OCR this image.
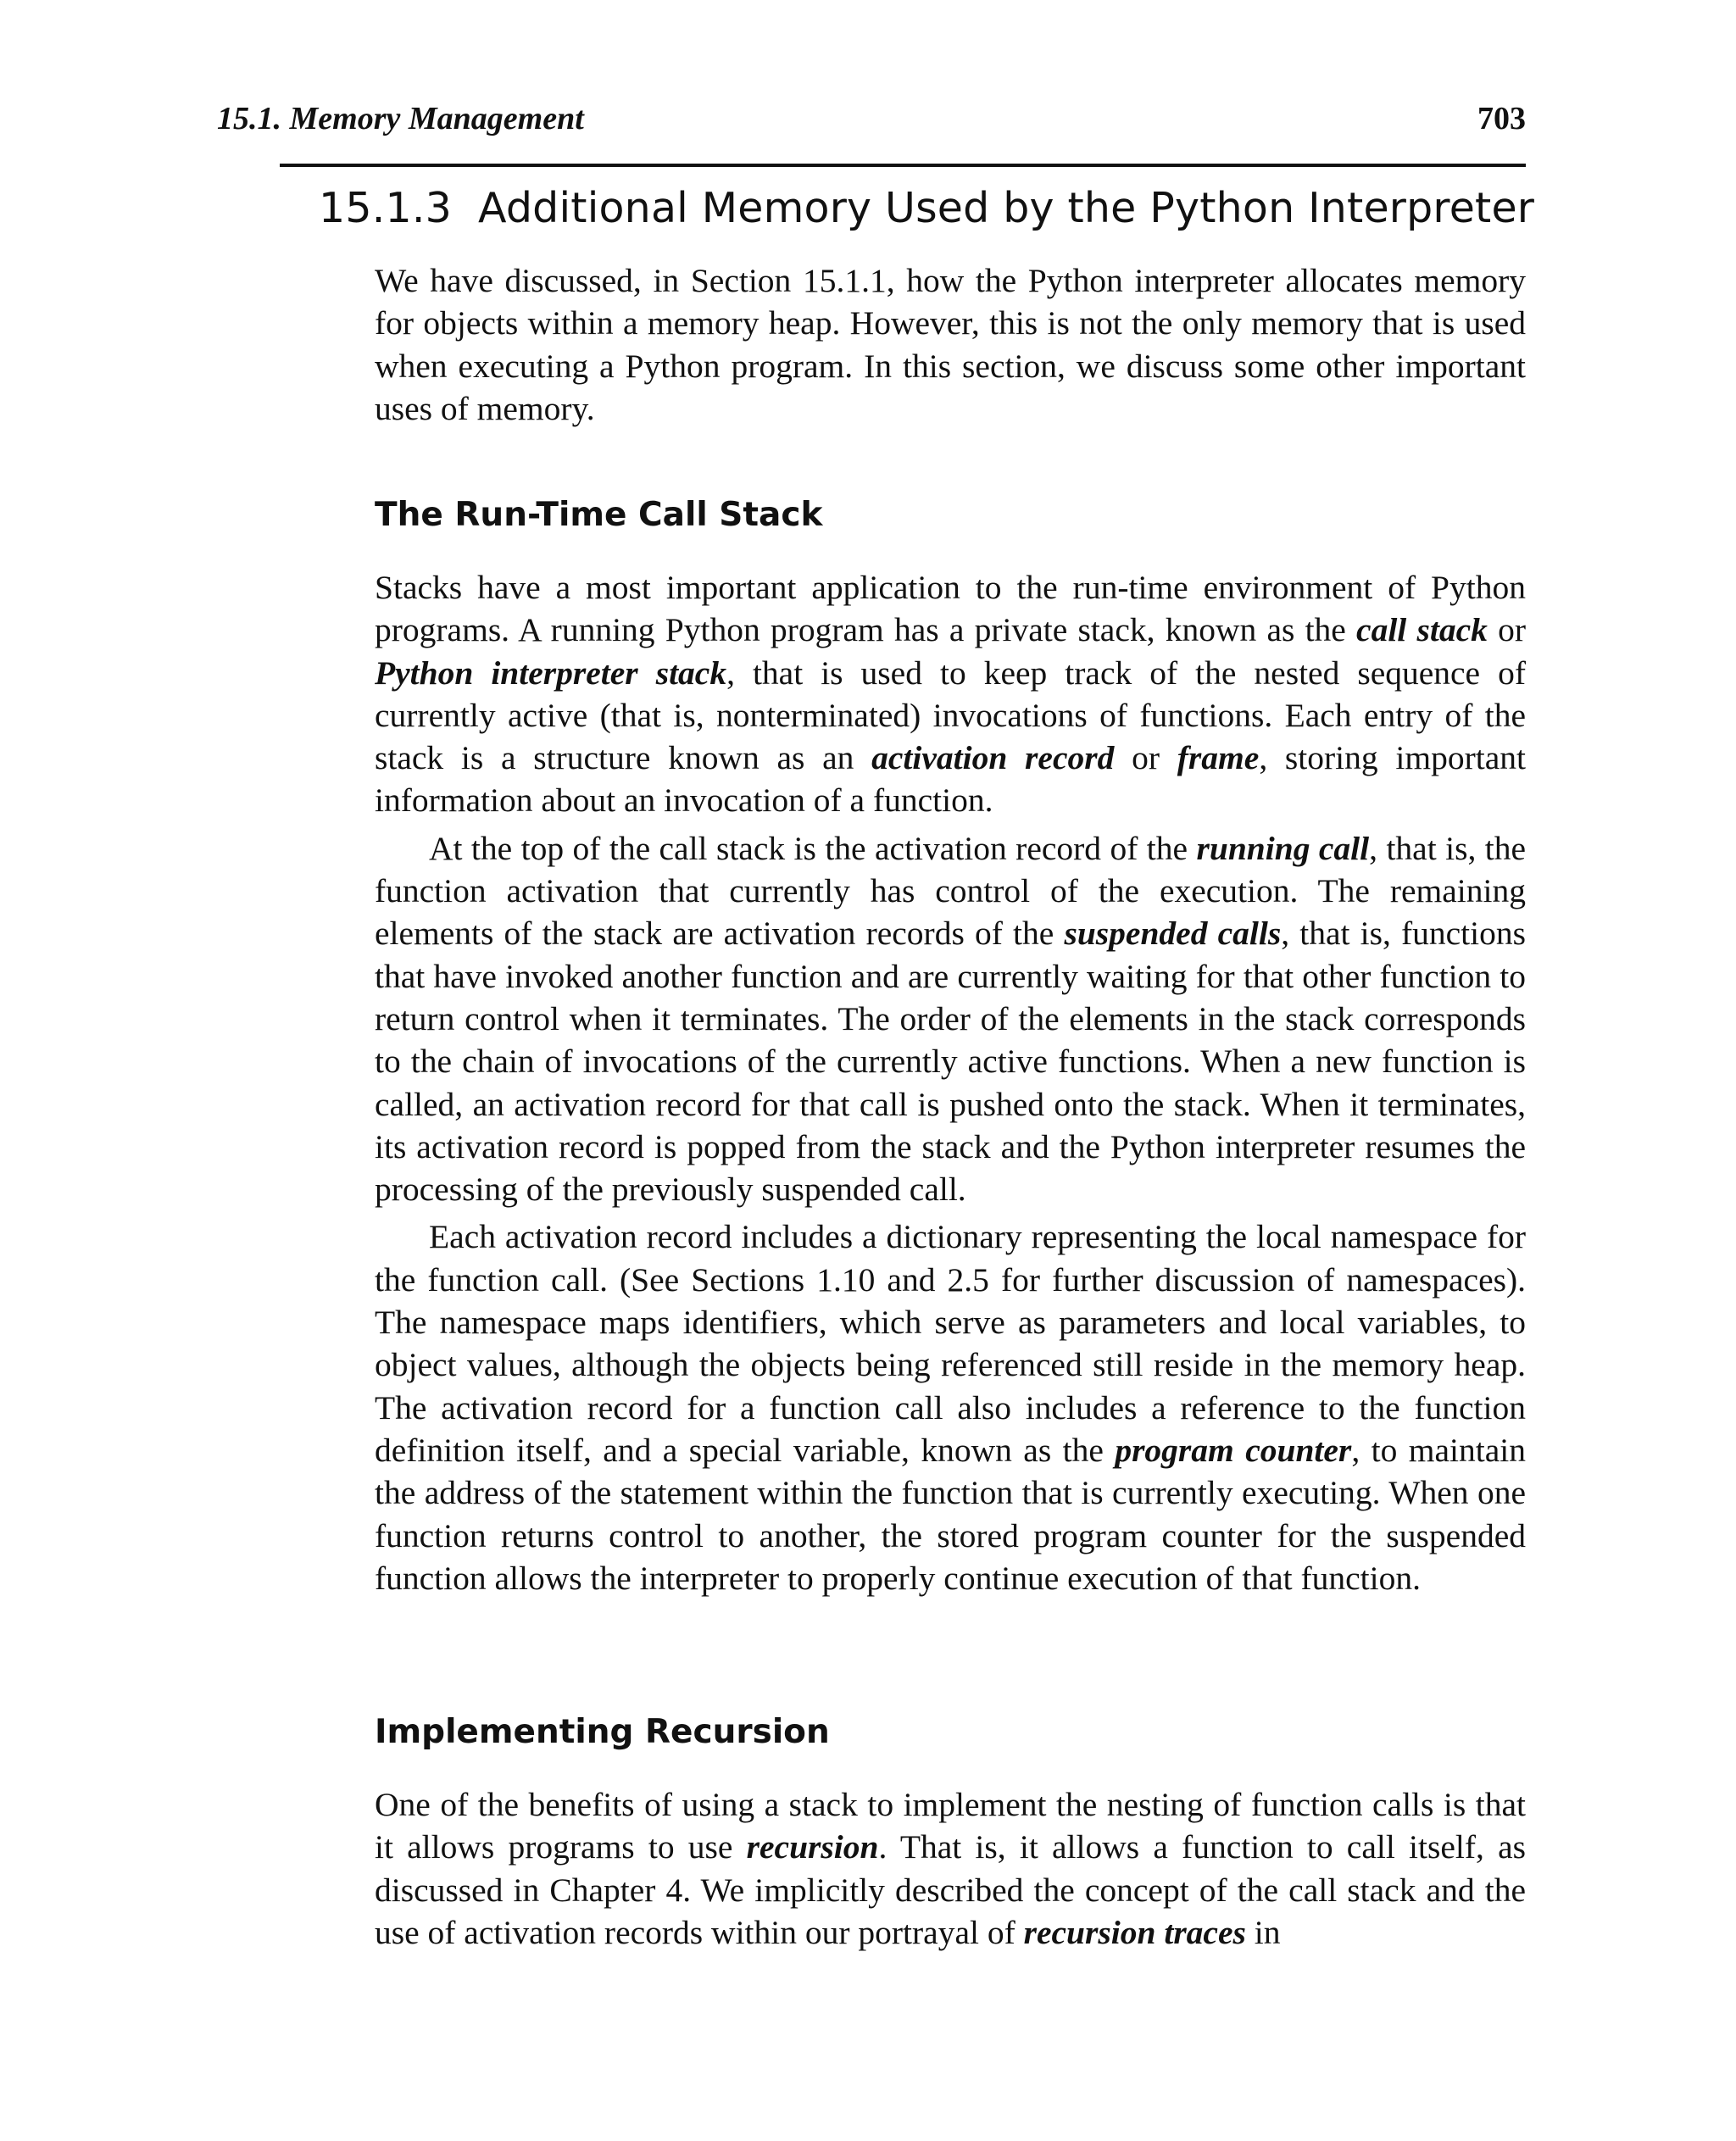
15.1. Memory Management	703
15.1.3 Additional Memory Used by the Python Interpreter

We have discussed, in Section 15.1.1, how the Python interpreter allocates memory for objects within a memory heap. However, this is not the only memory that is used when executing a Python program. In this section, we discuss some other important uses of memory.

The Run-Time Call Stack

Stacks have a most important application to the run-time environment of Python programs. A running Python program has a private stack, known as the call stack or Python interpreter stack, that is used to keep track of the nested sequence of currently active (that is, nonterminated) invocations of functions. Each entry of the stack is a structure known as an activation record or frame, storing important information about an invocation of a function.

At the top of the call stack is the activation record of the running call, that is, the function activation that currently has control of the execution. The remaining elements of the stack are activation records of the suspended calls, that is, functions that have invoked another function and are currently waiting for that other function to return control when it terminates. The order of the elements in the stack corresponds to the chain of invocations of the currently active functions. When a new function is called, an activation record for that call is pushed onto the stack. When it terminates, its activation record is popped from the stack and the Python interpreter resumes the processing of the previously suspended call.

Each activation record includes a dictionary representing the local namespace for the function call. (See Sections 1.10 and 2.5 for further discussion of namespaces). The namespace maps identifiers, which serve as parameters and local variables, to object values, although the objects being referenced still reside in the memory heap. The activation record for a function call also includes a reference to the function definition itself, and a special variable, known as the program counter, to maintain the address of the statement within the function that is currently executing. When one function returns control to another, the stored program counter for the suspended function allows the interpreter to properly continue execution of that function.

Implementing Recursion

One of the benefits of using a stack to implement the nesting of function calls is that it allows programs to use recursion. That is, it allows a function to call itself, as discussed in Chapter 4. We implicitly described the concept of the call stack and the use of activation records within our portrayal of recursion traces in
